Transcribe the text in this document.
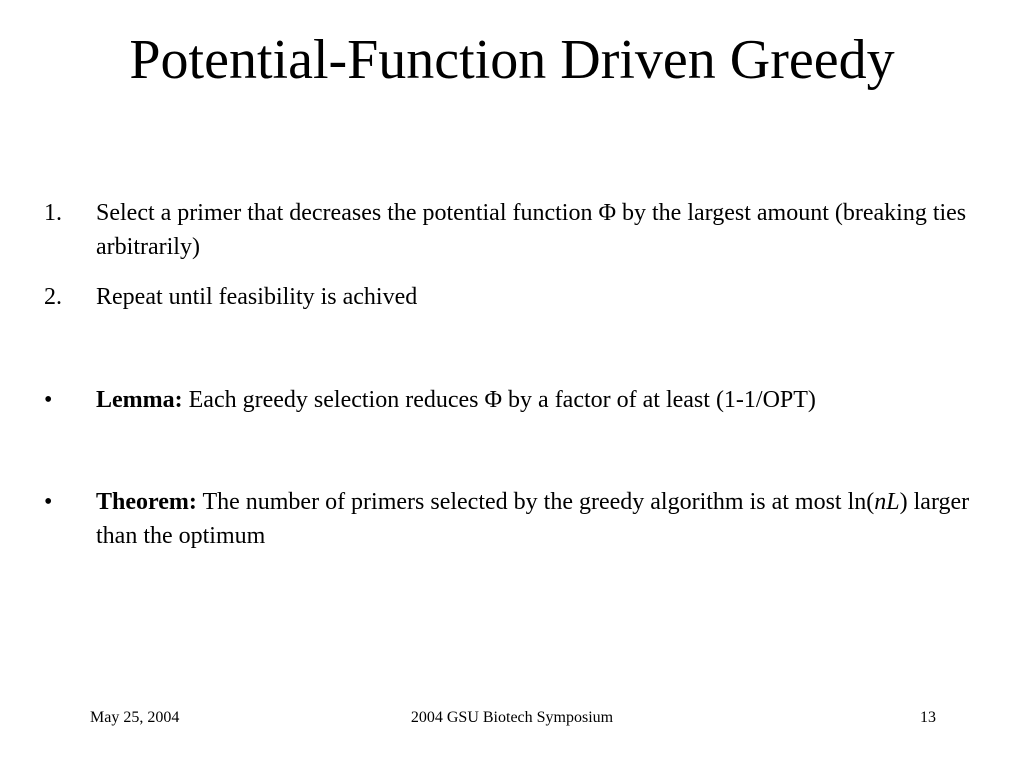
Potential-Function Driven Greedy
1.	Select a primer that decreases the potential function Φ by the largest amount (breaking ties arbitrarily)
2.	Repeat until feasibility is achived
•	Lemma: Each greedy selection reduces Φ by a factor of at least (1-1/OPT)
•	Theorem: The number of primers selected by the greedy algorithm is at most ln(nL) larger than the optimum
May 25, 2004	2004 GSU Biotech Symposium	13
